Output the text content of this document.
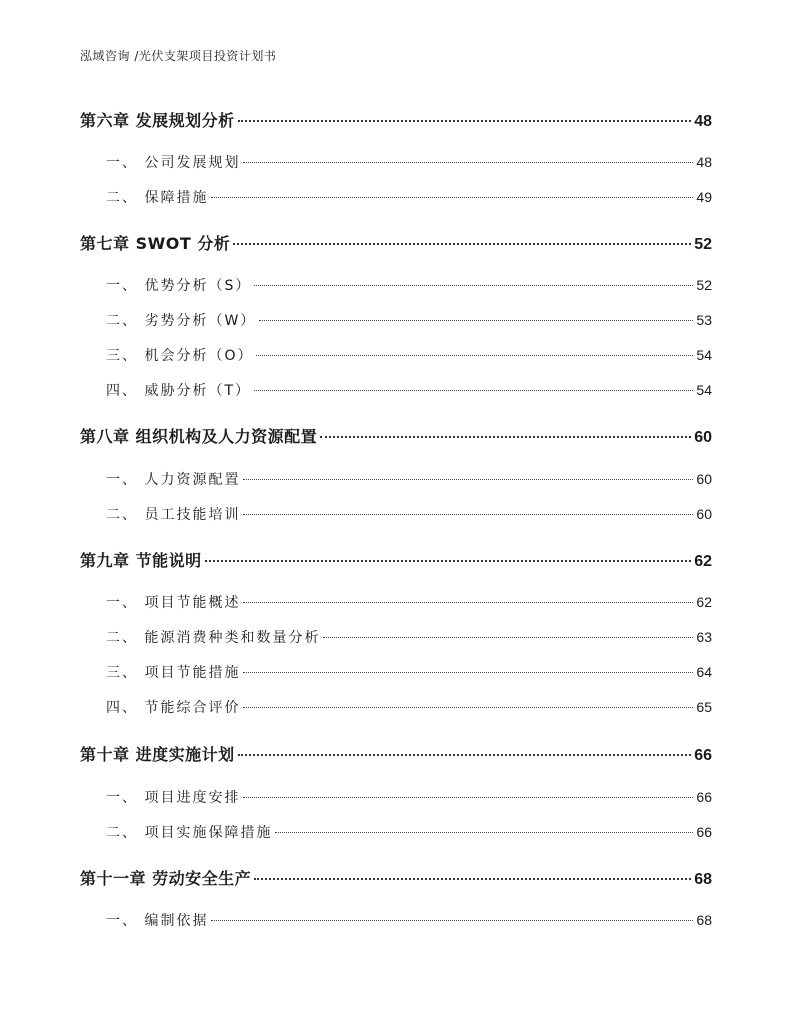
泓域咨询 /光伏支架项目投资计划书
第六章 发展规划分析	48
一、 公司发展规划	48
二、 保障措施	49
第七章 SWOT 分析	52
一、 优势分析（S）	52
二、 劣势分析（W）	53
三、 机会分析（O）	54
四、 威胁分析（T）	54
第八章 组织机构及人力资源配置	60
一、 人力资源配置	60
二、 员工技能培训	60
第九章 节能说明	62
一、 项目节能概述	62
二、 能源消费种类和数量分析	63
三、 项目节能措施	64
四、 节能综合评价	65
第十章 进度实施计划	66
一、 项目进度安排	66
二、 项目实施保障措施	66
第十一章 劳动安全生产	68
一、 编制依据	68
